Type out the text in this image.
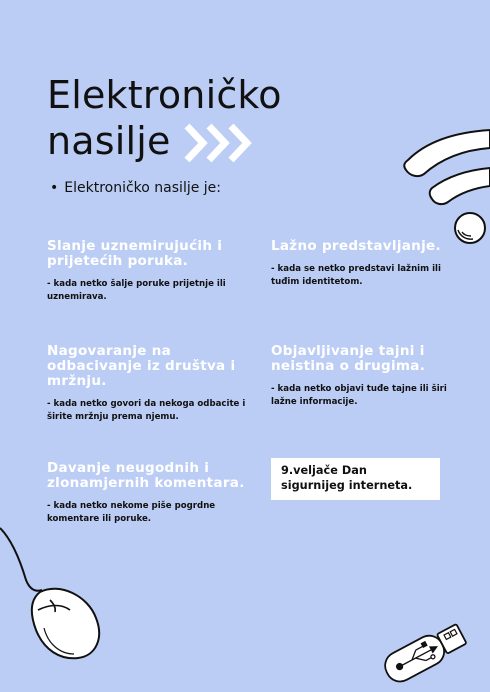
Elektroničko
nasilje
• Elektroničko nasilje je:
Slanje uznemirujućih i prijetećih poruka.
- kada netko šalje poruke prijetnje ili uznemirava.
Lažno predstavljanje.
- kada se netko predstavi lažnim ili tuđim identitetom.
Nagovaranje na odbacivanje iz društva i mržnju.
- kada netko govori da nekoga odbacite i širite mržnju prema njemu.
Objavljivanje tajni i neistina o drugima.
- kada netko objavi tuđe tajne ili širi lažne informacije.
Davanje neugodnih i zlonamjernih komentara.
- kada netko nekome piše pogrdne komentare ili poruke.
9.veljače Dan sigurnijeg interneta.
